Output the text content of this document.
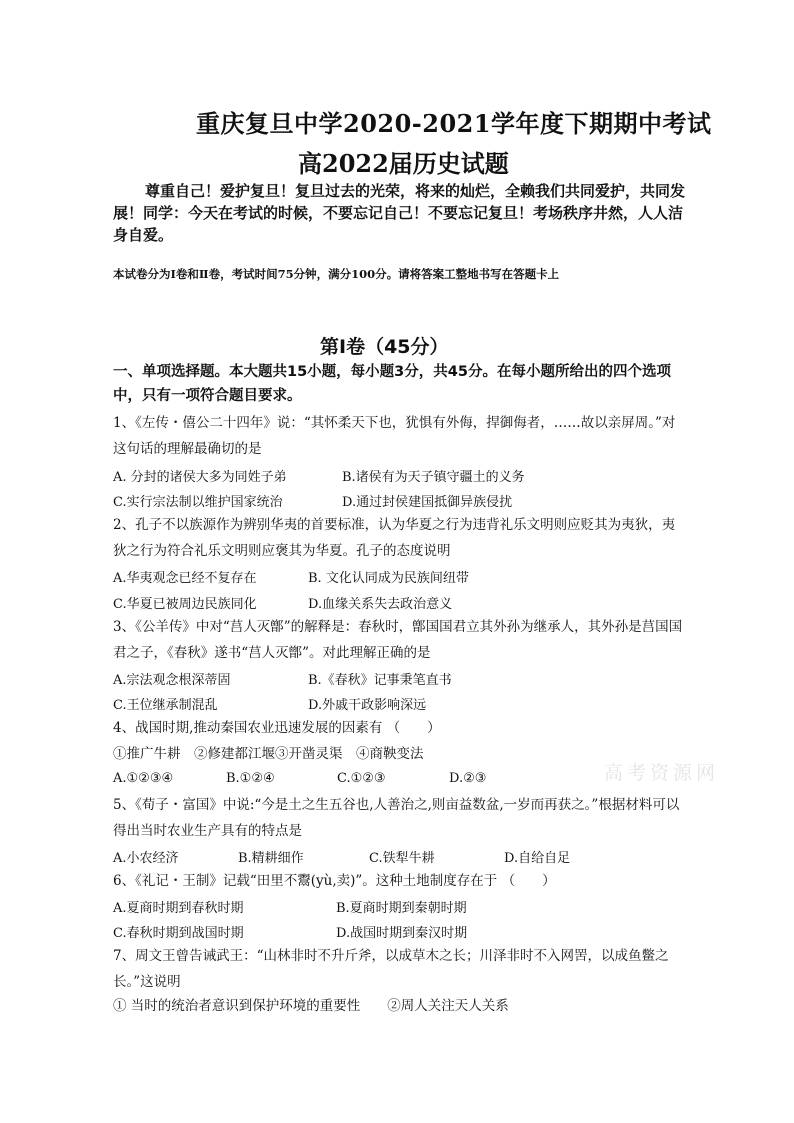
重庆复旦中学2020-2021学年度下期期中考试
高2022届历史试题
尊重自己！爱护复旦！复旦过去的光荣，将来的灿烂，全赖我们共同爱护，共同发展！同学：今天在考试的时候，不要忘记自己！不要忘记复旦！考场秩序井然，人人洁身自爱。
本试卷分为Ⅰ卷和Ⅱ卷，考试时间75分钟，满分100分。请将答案工整地书写在答题卡上
第Ⅰ卷（45分）
一、单项选择题。本大题共15小题，每小题3分，共45分。在每小题所给出的四个选项中，只有一项符合题目要求。
1、《左传・僖公二十四年》说：“其怀柔天下也，犹惧有外侮，捍御侮者，……故以亲屏周。”对这句话的理解最确切的是
A. 分封的诸侯大多为同姓子弟	B.诸侯有为天子镇守疆土的义务
C.实行宗法制以维护国家统治	D.通过封侯建国抵御异族侵扰
2、孔子不以族源作为辨别华夷的首要标准，认为华夏之行为违背礼乐文明则应贬其为夷狄，夷狄之行为符合礼乐文明则应褒其为华夏。孔子的态度说明
A.华夷观念已经不复存在	B. 文化认同成为民族间纽带
C.华夏已被周边民族同化	D.血缘关系失去政治意义
3、《公羊传》中对“莒人灭鄫”的解释是：春秋时，鄫国国君立其外孙为继承人，其外孙是莒国国君之子，《春秋》遂书“莒人灭鄫”。对此理解正确的是
A.宗法观念根深蒂固	B.《春秋》记事秉笔直书
C.王位继承制混乱	D.外戚干政影响深远
4、战国时期,推动秦国农业迅速发展的因素有 （　　）
①推广牛耕　②修建都江堰③开凿灵渠　④商鞅变法
A.①②③④	B.①②④	C.①②③	D.②③
5、《荀子・富国》中说:“今是土之生五谷也,人善治之,则亩益数盆,一岁而再获之。”根据材料可以得出当时农业生产具有的特点是
A.小农经济	B.精耕细作	C.铁犁牛耕	D.自给自足
6、《礼记・王制》记载“田里不鬻(yù,卖)”。这种土地制度存在于 （　　）
A.夏商时期到春秋时期	B.夏商时期到秦朝时期
C.春秋时期到战国时期	D.战国时期到秦汉时期
7、周文王曾告诫武王：“山林非时不升斤斧，以成草木之长；川泽非时不入网罟，以成鱼鳖之长。”这说明
① 当时的统治者意识到保护环境的重要性　　②周人关注天人关系
高考资源网
